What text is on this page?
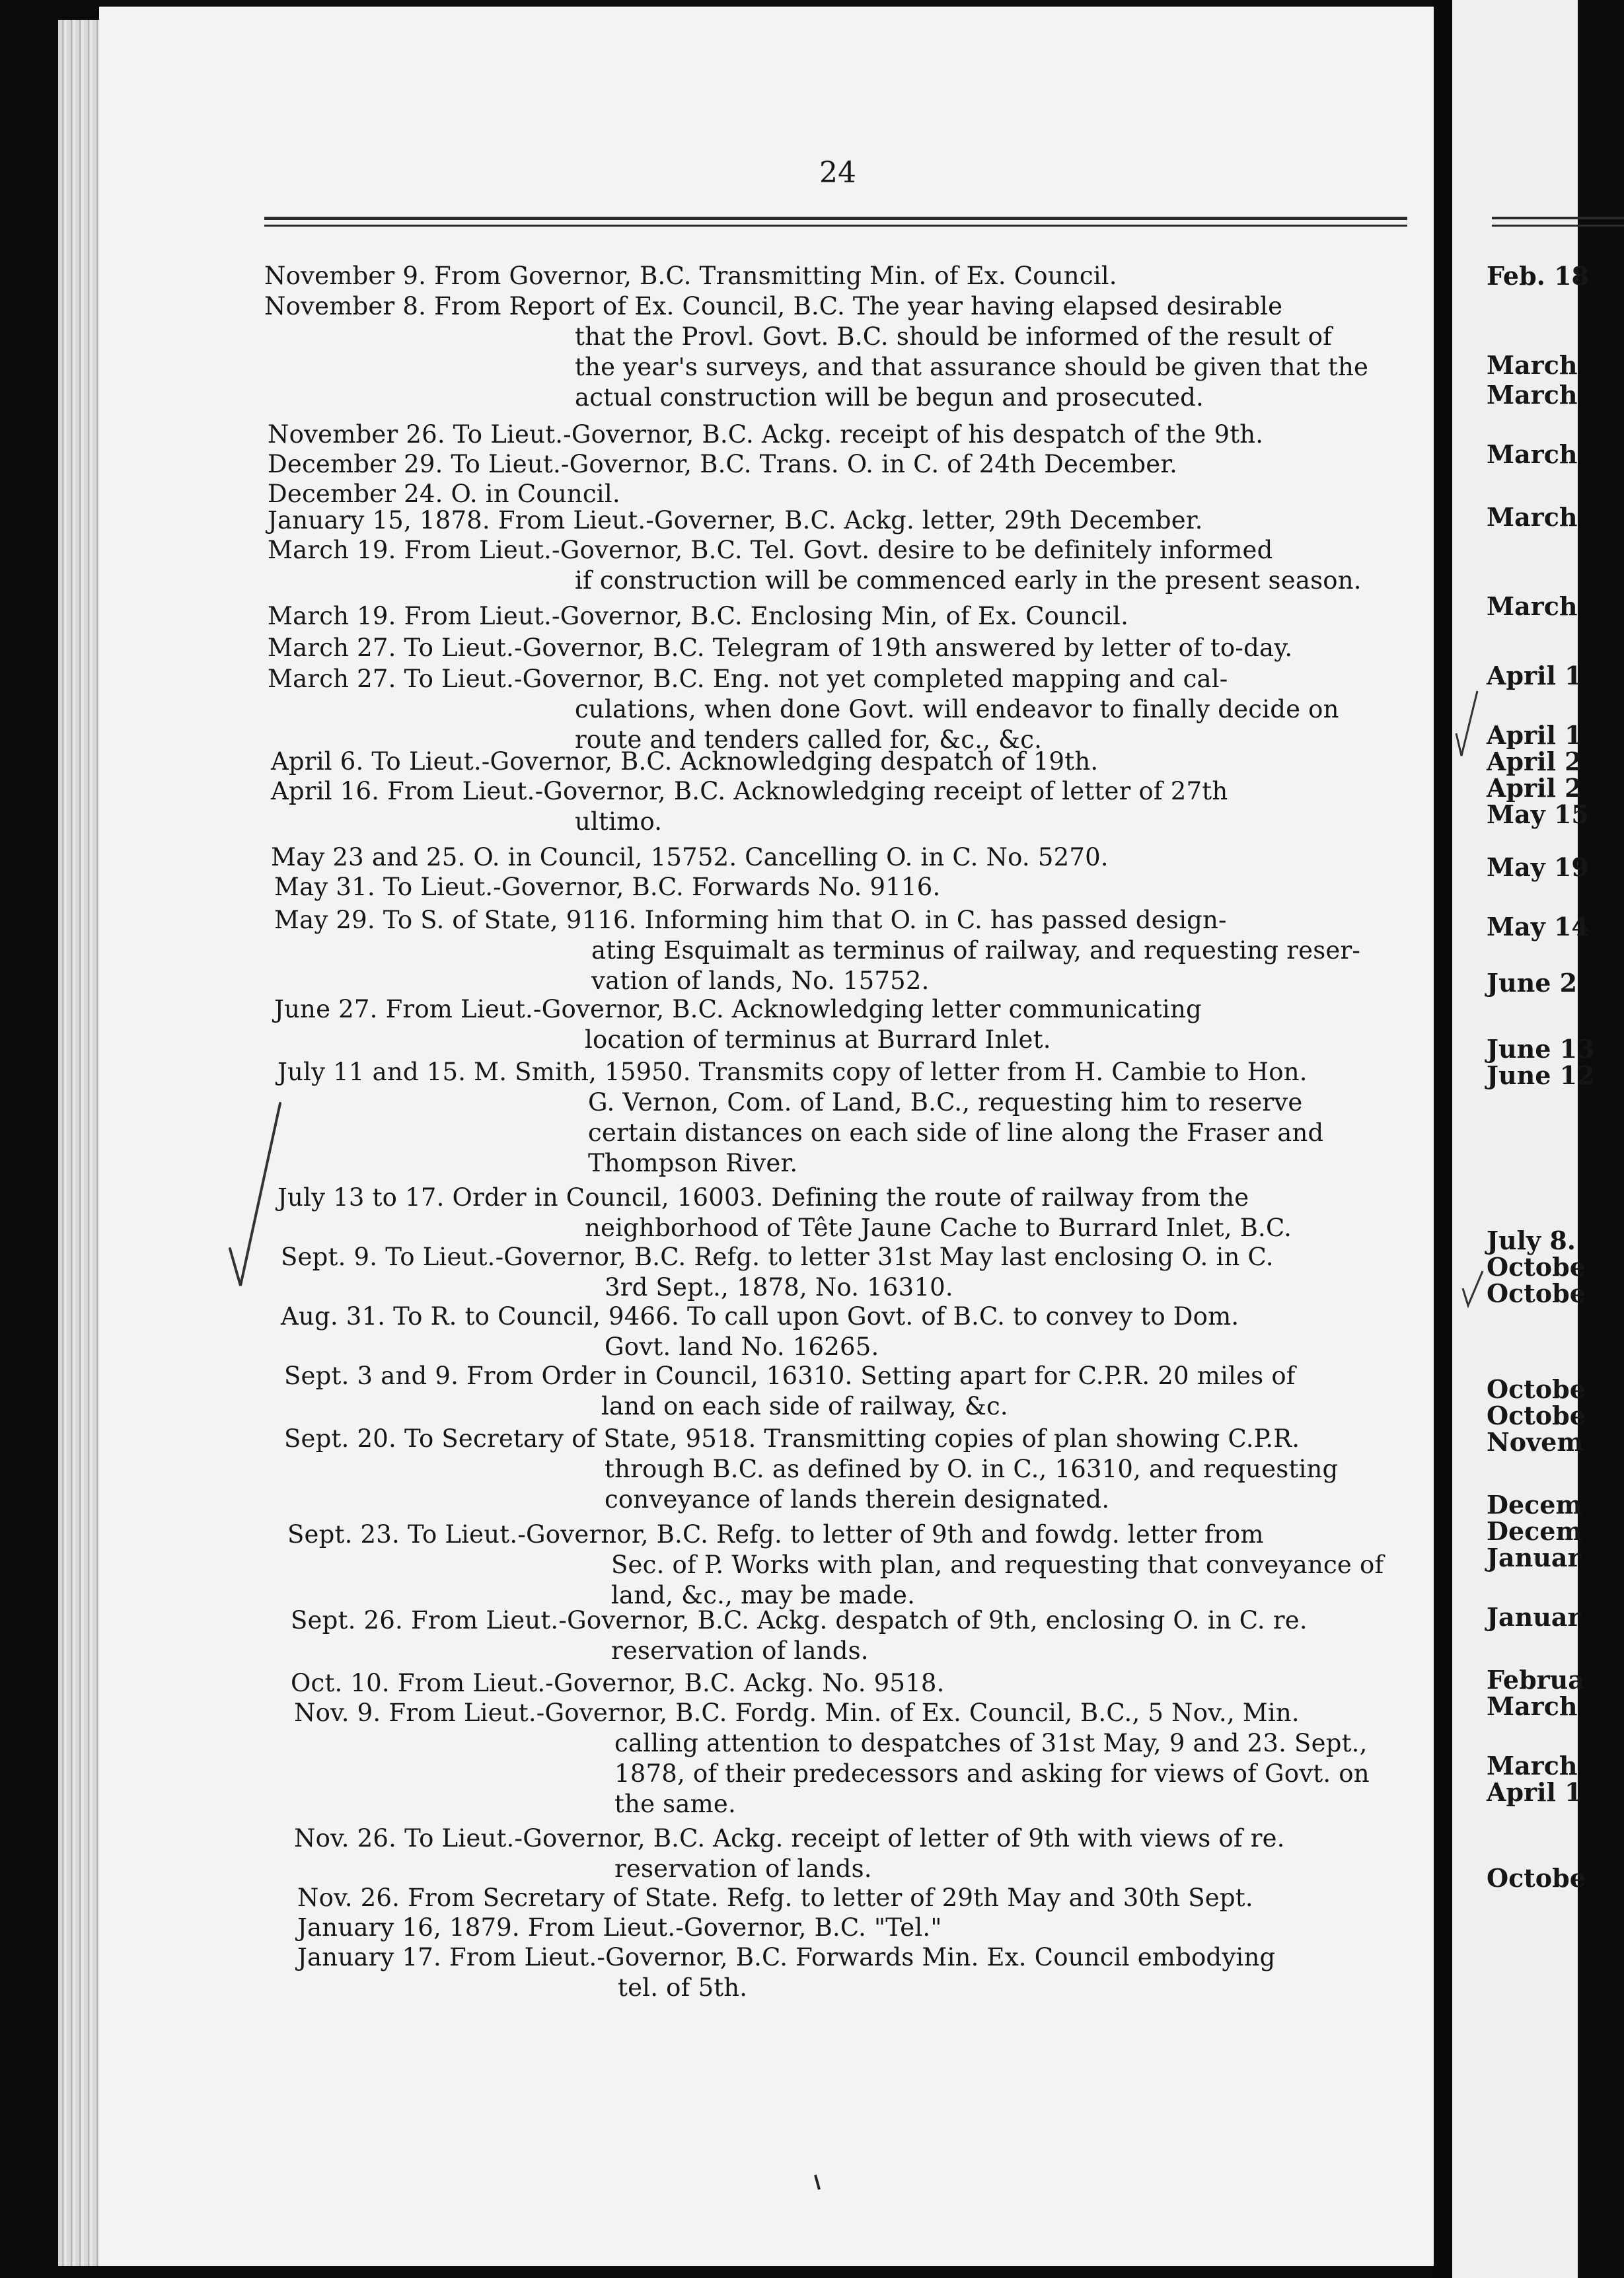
Feb. 18
March
March
March
March
March
April 1
April 1
April 2
April 2
May 15
May 19
May 14
June 2
June 13
June 12
July 8.
Octobe
Octobe
Octobe
Octobe
Novem
Decem
Decem
Januar
Januar
Februa
March
March
April 1
Octobe
24
November 9. From Governor, B.C. Transmitting Min. of Ex. Council.
November 8. From Report of Ex. Council, B.C. The year having elapsed desirable
that the Provl. Govt. B.C. should be informed of the result of
the year's surveys, and that assurance should be given that the
actual construction will be begun and prosecuted.
November 26. To Lieut.-Governor, B.C. Ackg. receipt of his despatch of the 9th.
December 29. To Lieut.-Governor, B.C. Trans. O. in C. of 24th December.
December 24. O. in Council.
January 15, 1878. From Lieut.-Governer, B.C. Ackg. letter, 29th December.
March 19. From Lieut.-Governor, B.C. Tel. Govt. desire to be definitely informed
if construction will be commenced early in the present season.
March 19. From Lieut.-Governor, B.C. Enclosing Min, of Ex. Council.
March 27. To Lieut.-Governor, B.C. Telegram of 19th answered by letter of to-day.
March 27. To Lieut.-Governor, B.C. Eng. not yet completed mapping and cal-
culations, when done Govt. will endeavor to finally decide on
route and tenders called for, &c., &c.
April 6. To Lieut.-Governor, B.C. Acknowledging despatch of 19th.
April 16. From Lieut.-Governor, B.C. Acknowledging receipt of letter of 27th
ultimo.
May 23 and 25. O. in Council, 15752. Cancelling O. in C. No. 5270.
May 31. To Lieut.-Governor, B.C. Forwards No. 9116.
May 29. To S. of State, 9116. Informing him that O. in C. has passed design-
ating Esquimalt as terminus of railway, and requesting reser-
vation of lands, No. 15752.
June 27. From Lieut.-Governor, B.C. Acknowledging letter communicating
location of terminus at Burrard Inlet.
July 11 and 15. M. Smith, 15950. Transmits copy of letter from H. Cambie to Hon.
G. Vernon, Com. of Land, B.C., requesting him to reserve
certain distances on each side of line along the Fraser and
Thompson River.
July 13 to 17. Order in Council, 16003. Defining the route of railway from the
neighborhood of Tête Jaune Cache to Burrard Inlet, B.C.
Sept. 9. To Lieut.-Governor, B.C. Refg. to letter 31st May last enclosing O. in C.
3rd Sept., 1878, No. 16310.
Aug. 31. To R. to Council, 9466. To call upon Govt. of B.C. to convey to Dom.
Govt. land No. 16265.
Sept. 3 and 9. From Order in Council, 16310. Setting apart for C.P.R. 20 miles of
land on each side of railway, &c.
Sept. 20. To Secretary of State, 9518. Transmitting copies of plan showing C.P.R.
through B.C. as defined by O. in C., 16310, and requesting
conveyance of lands therein designated.
Sept. 23. To Lieut.-Governor, B.C. Refg. to letter of 9th and fowdg. letter from
Sec. of P. Works with plan, and requesting that conveyance of
land, &c., may be made.
Sept. 26. From Lieut.-Governor, B.C. Ackg. despatch of 9th, enclosing O. in C. re.
reservation of lands.
Oct. 10. From Lieut.-Governor, B.C. Ackg. No. 9518.
Nov. 9. From Lieut.-Governor, B.C. Fordg. Min. of Ex. Council, B.C., 5 Nov., Min.
calling attention to despatches of 31st May, 9 and 23. Sept.,
1878, of their predecessors and asking for views of Govt. on
the same.
Nov. 26. To Lieut.-Governor, B.C. Ackg. receipt of letter of 9th with views of re.
reservation of lands.
Nov. 26. From Secretary of State. Refg. to letter of 29th May and 30th Sept.
January 16, 1879. From Lieut.-Governor, B.C. "Tel."
January 17. From Lieut.-Governor, B.C. Forwards Min. Ex. Council embodying
tel. of 5th.
